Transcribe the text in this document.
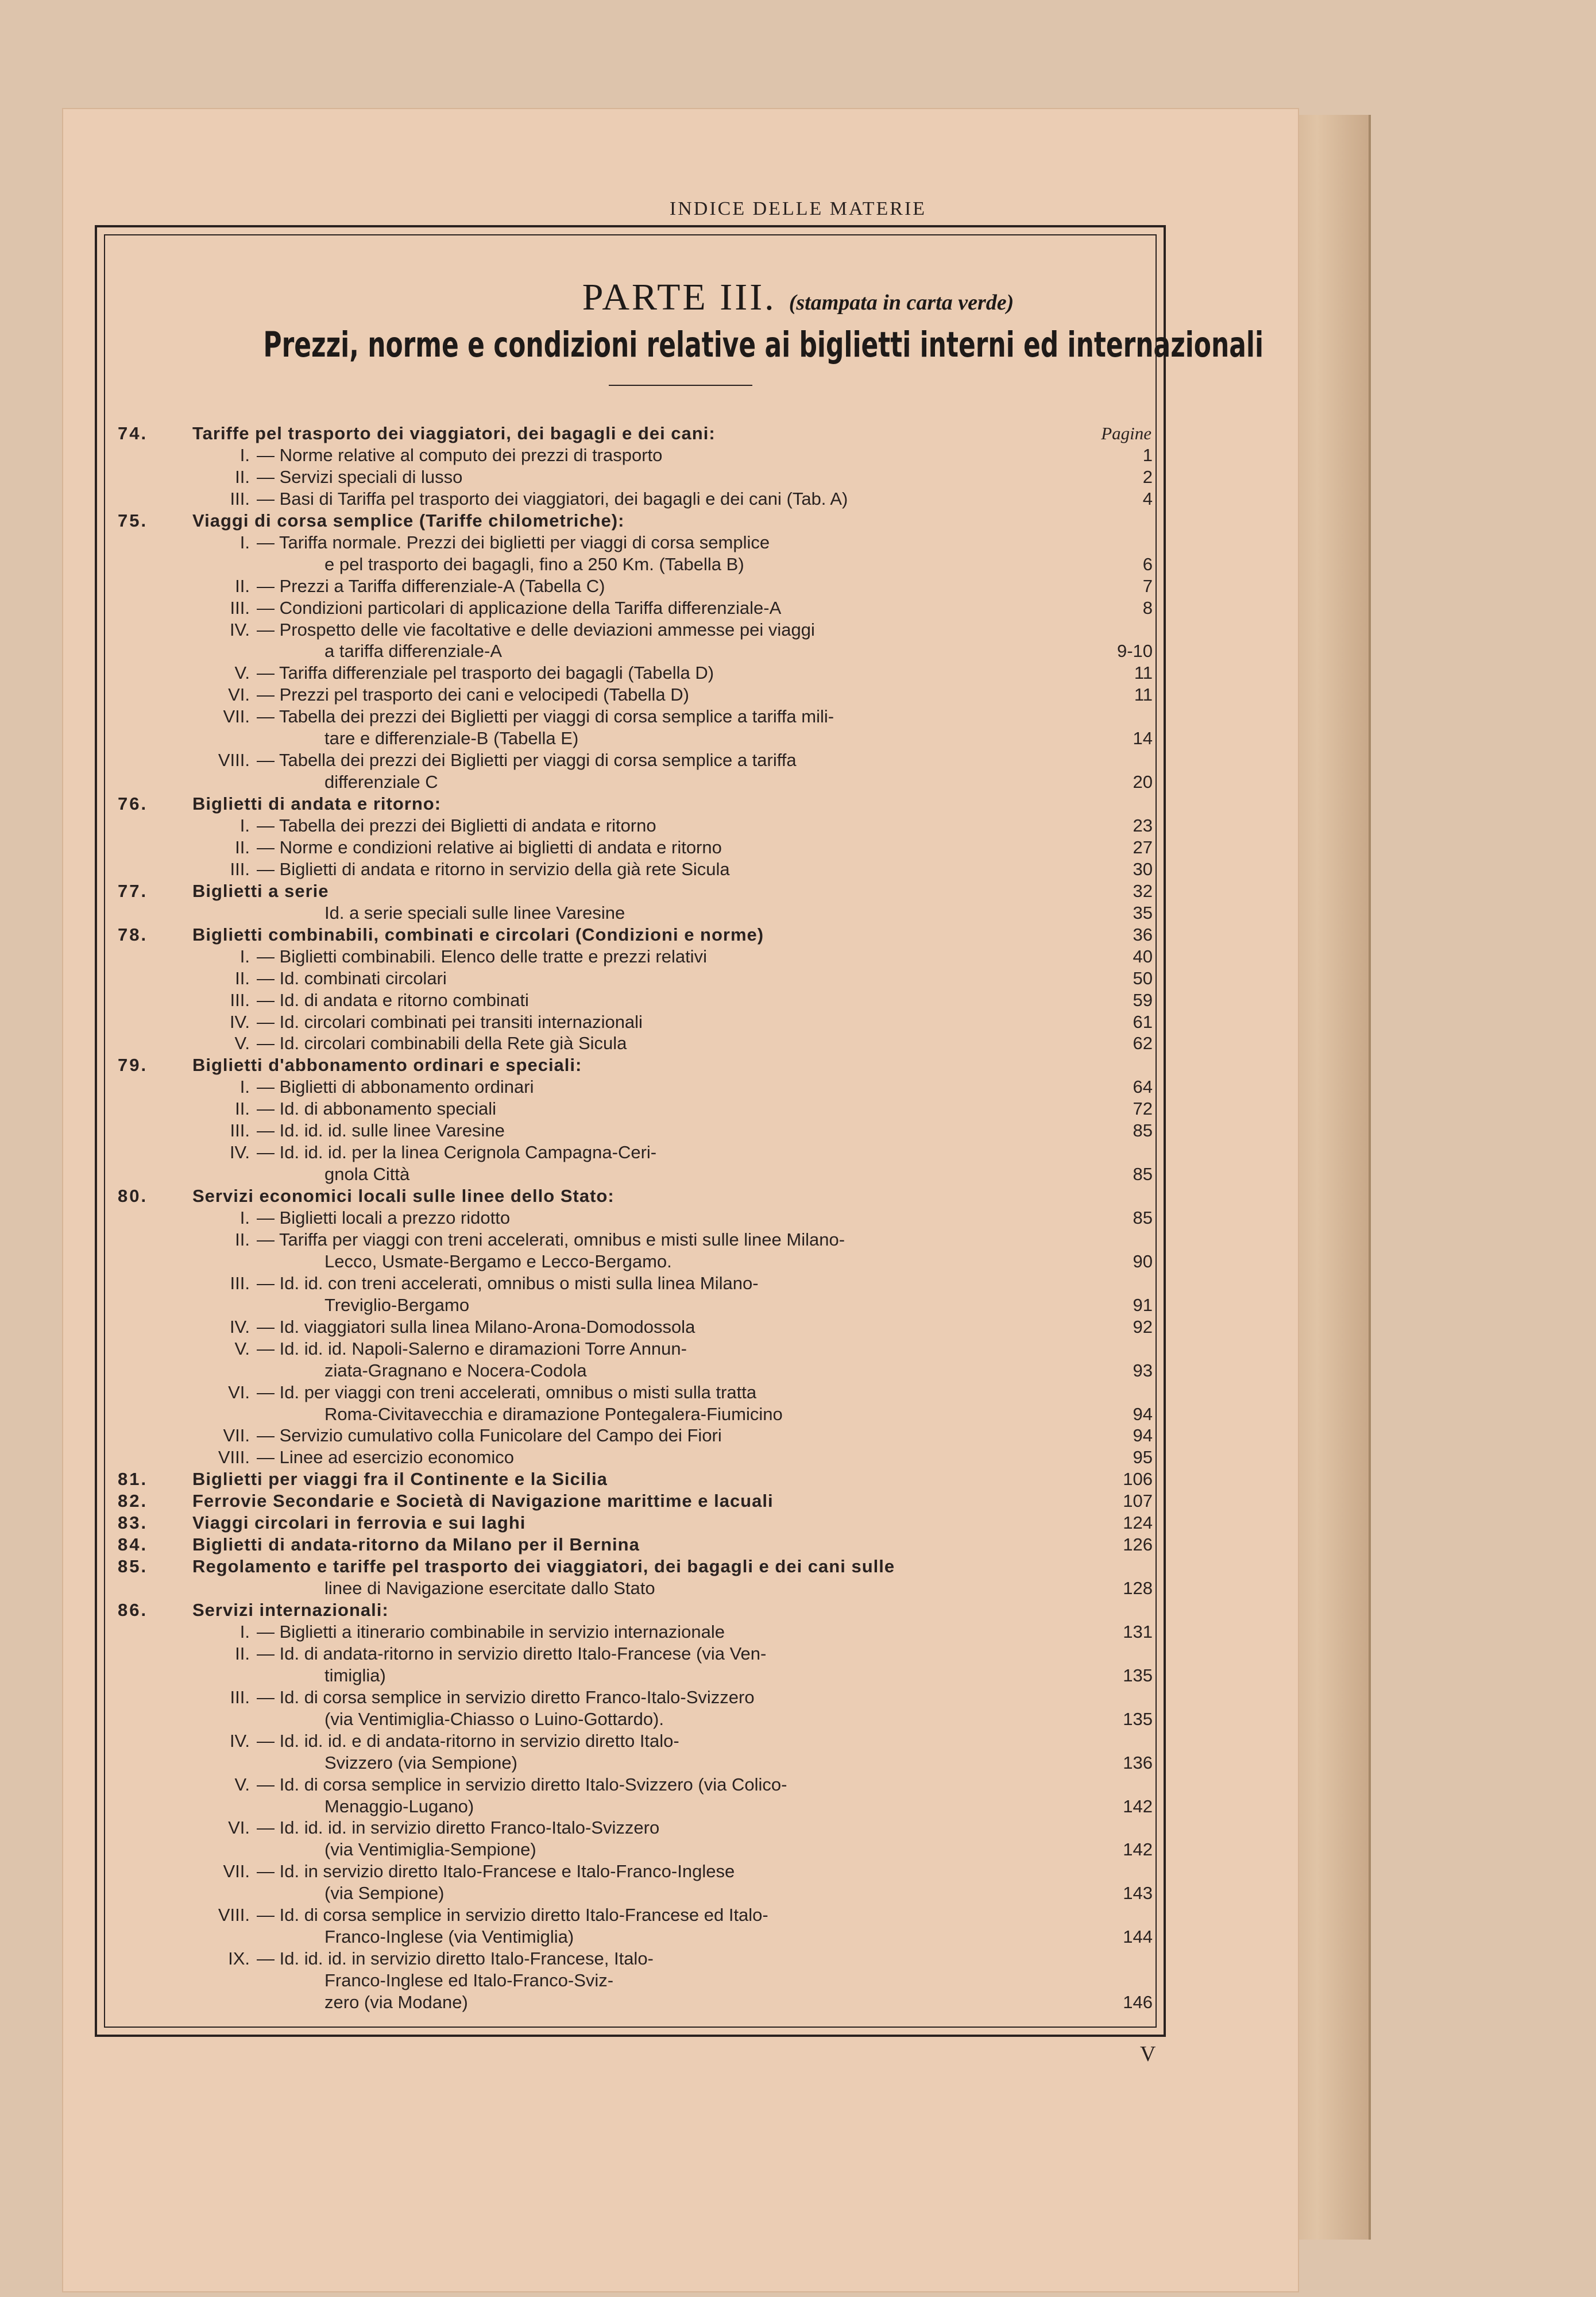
INDICE DELLE MATERIE
PARTE III. (stampata in carta verde)
Prezzi, norme e condizioni relative ai biglietti interni ed internazionali
74.	Tariffe pel trasporto dei viaggiatori, dei bagagli e dei cani:	Pagine
I. — Norme relative al computo dei prezzi di trasporto	1
II. — Servizi speciali di lusso	2
III. — Basi di Tariffa pel trasporto dei viaggiatori, dei bagagli e dei cani (Tab. A)	4
75.	Viaggi di corsa semplice (Tariffe chilometriche):
I. — Tariffa normale. Prezzi dei biglietti per viaggi di corsa semplice
e pel trasporto dei bagagli, fino a 250 Km. (Tabella B)	6
II. — Prezzi a Tariffa differenziale-A (Tabella C)	7
III. — Condizioni particolari di applicazione della Tariffa differenziale-A	8
IV. — Prospetto delle vie facoltative e delle deviazioni ammesse pei viaggi
a tariffa differenziale-A	9-10
V. — Tariffa differenziale pel trasporto dei bagagli (Tabella D)	11
VI. — Prezzi pel trasporto dei cani e velocipedi (Tabella D)	11
VII. — Tabella dei prezzi dei Biglietti per viaggi di corsa semplice a tariffa mili-
tare e differenziale-B (Tabella E)	14
VIII. — Tabella dei prezzi dei Biglietti per viaggi di corsa semplice a tariffa
differenziale C	20
76.	Biglietti di andata e ritorno:
I. — Tabella dei prezzi dei Biglietti di andata e ritorno	23
II. — Norme e condizioni relative ai biglietti di andata e ritorno	27
III. — Biglietti di andata e ritorno in servizio della già rete Sicula	30
77.	Biglietti a serie	32
Id. a serie speciali sulle linee Varesine	35
78.	Biglietti combinabili, combinati e circolari (Condizioni e norme)	36
I. — Biglietti combinabili. Elenco delle tratte e prezzi relativi	40
II. — Id. combinati circolari	50
III. — Id. di andata e ritorno combinati	59
IV. — Id. circolari combinati pei transiti internazionali	61
V. — Id. circolari combinabili della Rete già Sicula	62
79.	Biglietti d'abbonamento ordinari e speciali:
I. — Biglietti di abbonamento ordinari	64
II. — Id. di abbonamento speciali	72
III. — Id. id. id. sulle linee Varesine	85
IV. — Id. id. id. per la linea Cerignola Campagna-Ceri-
gnola Città	85
80.	Servizi economici locali sulle linee dello Stato:
I. — Biglietti locali a prezzo ridotto	85
II. — Tariffa per viaggi con treni accelerati, omnibus e misti sulle linee Milano-
Lecco, Usmate-Bergamo e Lecco-Bergamo.	90
III. — Id. id. con treni accelerati, omnibus o misti sulla linea Milano-
Treviglio-Bergamo	91
IV. — Id. viaggiatori sulla linea Milano-Arona-Domodossola	92
V. — Id. id. id. Napoli-Salerno e diramazioni Torre Annun-
ziata-Gragnano e Nocera-Codola	93
VI. — Id. per viaggi con treni accelerati, omnibus o misti sulla tratta
Roma-Civitavecchia e diramazione Pontegalera-Fiumicino	94
VII. — Servizio cumulativo colla Funicolare del Campo dei Fiori	94
VIII. — Linee ad esercizio economico	95
81.	Biglietti per viaggi fra il Continente e la Sicilia	106
82.	Ferrovie Secondarie e Società di Navigazione marittime e lacuali	107
83.	Viaggi circolari in ferrovia e sui laghi	124
84.	Biglietti di andata-ritorno da Milano per il Bernina	126
85.	Regolamento e tariffe pel trasporto dei viaggiatori, dei bagagli e dei cani sulle
linee di Navigazione esercitate dallo Stato	128
86.	Servizi internazionali:
I. — Biglietti a itinerario combinabile in servizio internazionale	131
II. — Id. di andata-ritorno in servizio diretto Italo-Francese (via Ven-
timiglia)	135
III. — Id. di corsa semplice in servizio diretto Franco-Italo-Svizzero
(via Ventimiglia-Chiasso o Luino-Gottardo).	135
IV. — Id. id. id. e di andata-ritorno in servizio diretto Italo-
Svizzero (via Sempione)	136
V. — Id. di corsa semplice in servizio diretto Italo-Svizzero (via Colico-
Menaggio-Lugano)	142
VI. — Id. id. id. in servizio diretto Franco-Italo-Svizzero
(via Ventimiglia-Sempione)	142
VII. — Id. in servizio diretto Italo-Francese e Italo-Franco-Inglese
(via Sempione)	143
VIII. — Id. di corsa semplice in servizio diretto Italo-Francese ed Italo-
Franco-Inglese (via Ventimiglia)	144
IX. — Id. id. id. in servizio diretto Italo-Francese, Italo-
Franco-Inglese ed Italo-Franco-Sviz-
zero (via Modane)	146
V
